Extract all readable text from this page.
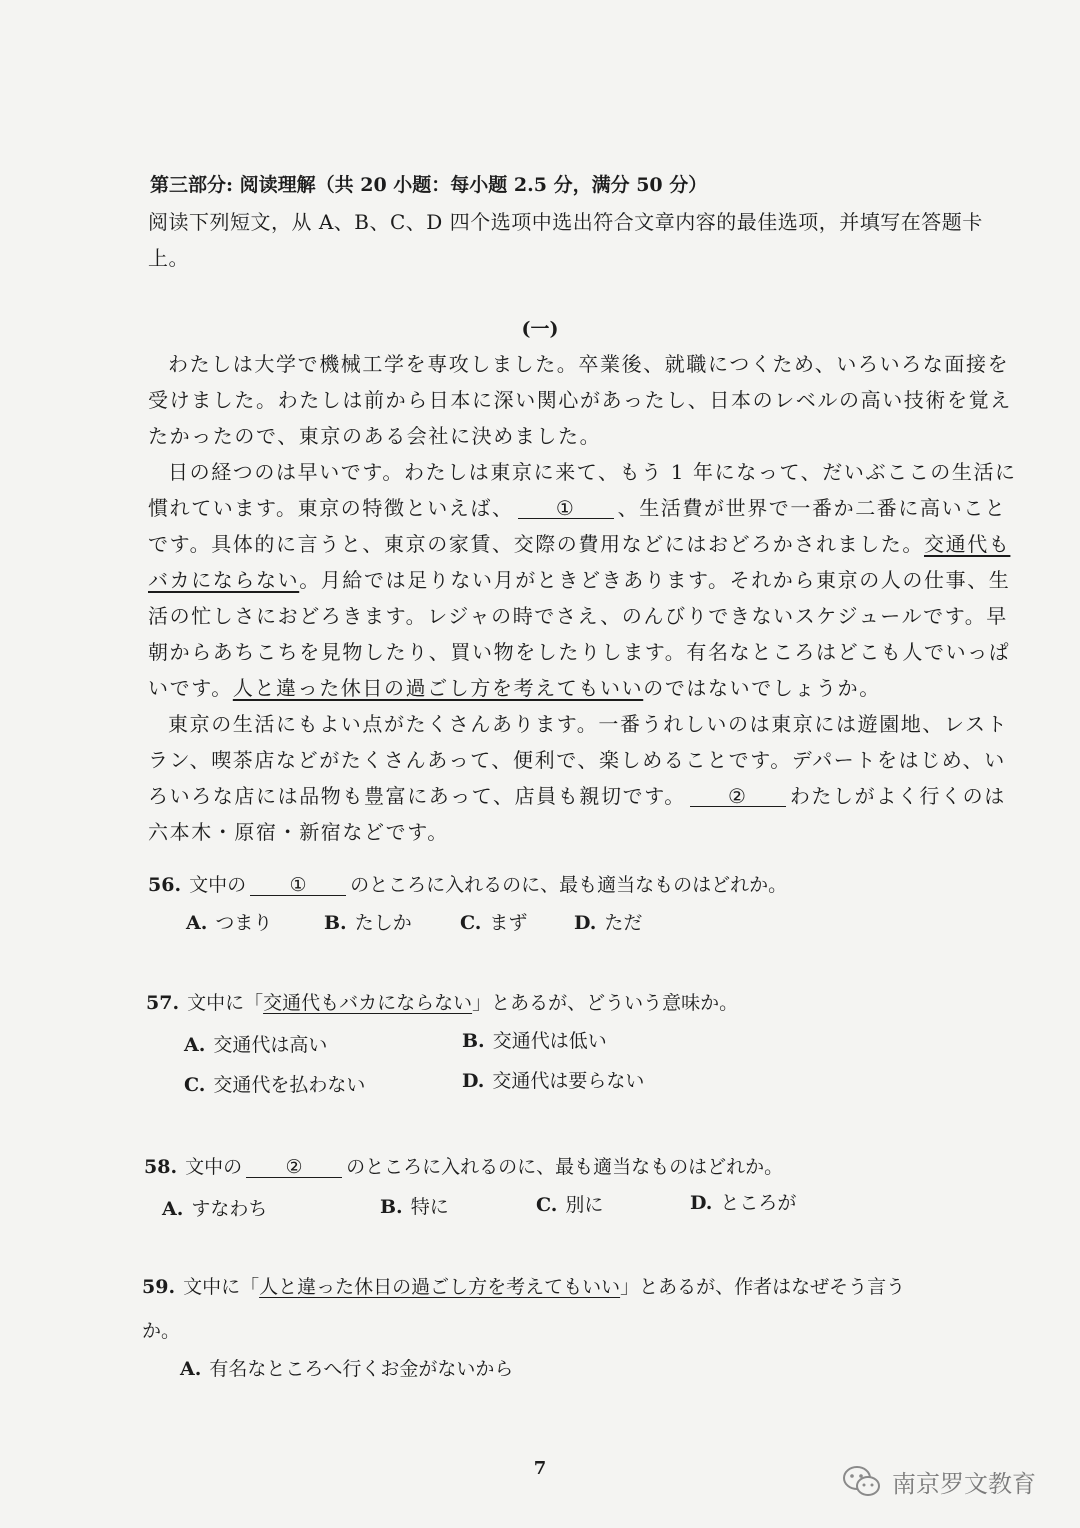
第三部分: 阅读理解（共 20 小题：每小题 2.5 分，满分 50 分）
阅读下列短文，从 A、B、C、D 四个选项中选出符合文章内容的最佳选项，并填写在答题卡上。
(一)
わたしは大学で機械工学を専攻しました。卒業後、就職につくため、いろいろな面接を
受けました。わたしは前から日本に深い関心があったし、日本のレベルの高い技術を覚え
たかったので、東京のある会社に決めました。
日の経つのは早いです。わたしは東京に来て、もう 1 年になって、だいぶここの生活に
慣れています。東京の特徴といえば、 ① 、生活費が世界で一番か二番に高いこと
です。具体的に言うと、東京の家賃、交際の費用などにはおどろかされました。交通代も
バカにならない。月給では足りない月がときどきあります。それから東京の人の仕事、生
活の忙しさにおどろきます。レジャの時でさえ、のんびりできないスケジュールです。早
朝からあちこちを見物したり、買い物をしたりします。有名なところはどこも人でいっぱ
いです。人と違った休日の過ごし方を考えてもいいのではないでしょうか。
東京の生活にもよい点がたくさんあります。一番うれしいのは東京には遊園地、レスト
ラン、喫茶店などがたくさんあって、便利で、楽しめることです。デパートをはじめ、い
ろいろな店には品物も豊富にあって、店員も親切です。 ② わたしがよく行くのは
六本木・原宿・新宿などです。
56. 文中の ① のところに入れるのに、最も適当なものはどれか。
A. つまり	B. たしか	C. まず D. ただ
57. 文中に「交通代もバカにならない」とあるが、どういう意味か。
A. 交通代は高い	B. 交通代は低い
C. 交通代を払わない	D. 交通代は要らない
58. 文中の ② のところに入れるのに、最も適当なものはどれか。
A. すなわち	B. 特に	C. 別に	D. ところが
59. 文中に「人と違った休日の過ごし方を考えてもいい」とあるが、作者はなぜそう言う
か。
A. 有名なところへ行くお金がないから
7
南京罗文教育
